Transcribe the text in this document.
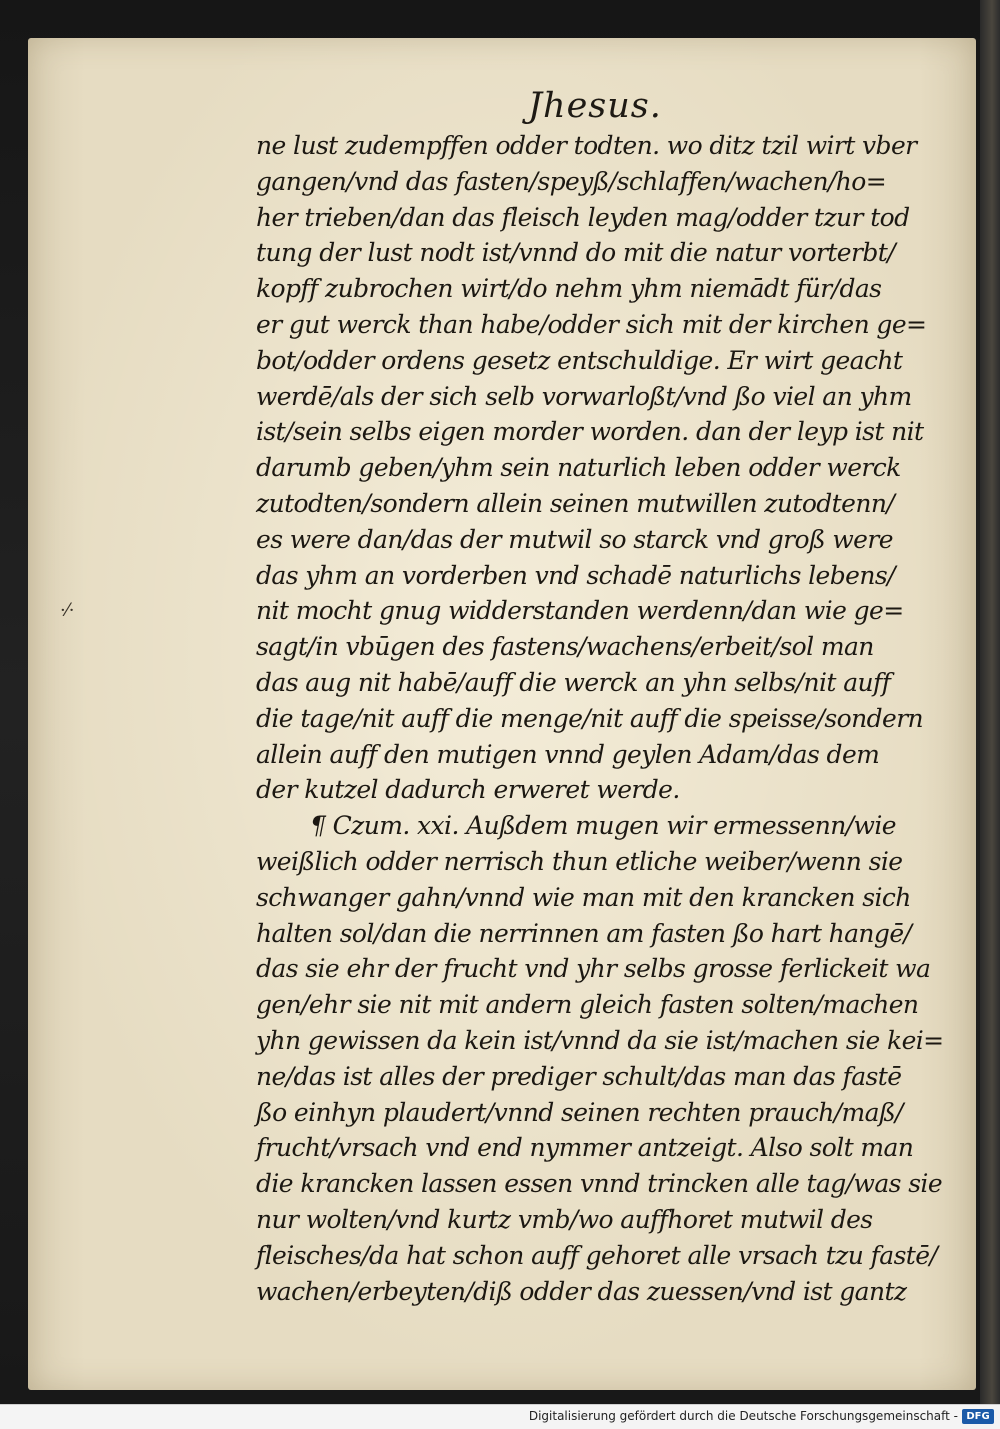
Jhesus.
·⁄·
ne lust zudempffen odder todten. wo ditz tzil wirt vber
gangen/vnd das fasten/speyß/schlaffen/wachen/ho=
her trieben/dan das fleisch leyden mag/odder tzur tod
tung der lust nodt ist/vnnd do mit die natur vorterbt/
kopff zubrochen wirt/do nehm yhm niemādt für/das
er gut werck than habe/odder sich mit der kirchen ge=
bot/odder ordens gesetz entschuldige. Er wirt geacht
werdē/als der sich selb vorwarloßt/vnd ßo viel an yhm
ist/sein selbs eigen morder worden. dan der leyp ist nit
darumb geben/yhm sein naturlich leben odder werck
zutodten/sondern allein seinen mutwillen zutodtenn/
es were dan/das der mutwil so starck vnd groß were
das yhm an vorderben vnd schadē naturlichs lebens/
nit mocht gnug widderstanden werdenn/dan wie ge=
sagt/in vbūgen des fastens/wachens/erbeit/sol man
das aug nit habē/auff die werck an yhn selbs/nit auff
die tage/nit auff die menge/nit auff die speisse/sondern
allein auff den mutigen vnnd geylen Adam/das dem
der kutzel dadurch erweret werde.
¶ Czum. xxi. Außdem mugen wir ermessenn/wie
weißlich odder nerrisch thun etliche weiber/wenn sie
schwanger gahn/vnnd wie man mit den krancken sich
halten sol/dan die nerrinnen am fasten ßo hart hangē/
das sie ehr der frucht vnd yhr selbs grosse ferlickeit wa
gen/ehr sie nit mit andern gleich fasten solten/machen
yhn gewissen da kein ist/vnnd da sie ist/machen sie kei=
ne/das ist alles der prediger schult/das man das fastē
ßo einhyn plaudert/vnnd seinen rechten prauch/maß/
frucht/vrsach vnd end nymmer antzeigt. Also solt man
die krancken lassen essen vnnd trincken alle tag/was sie
nur wolten/vnd kurtz vmb/wo auffhoret mutwil des
fleisches/da hat schon auff gehoret alle vrsach tzu fastē/
wachen/erbeyten/diß odder das zuessen/vnd ist gantz
Digitalisierung gefördert durch die Deutsche Forschungsgemeinschaft - DFG
